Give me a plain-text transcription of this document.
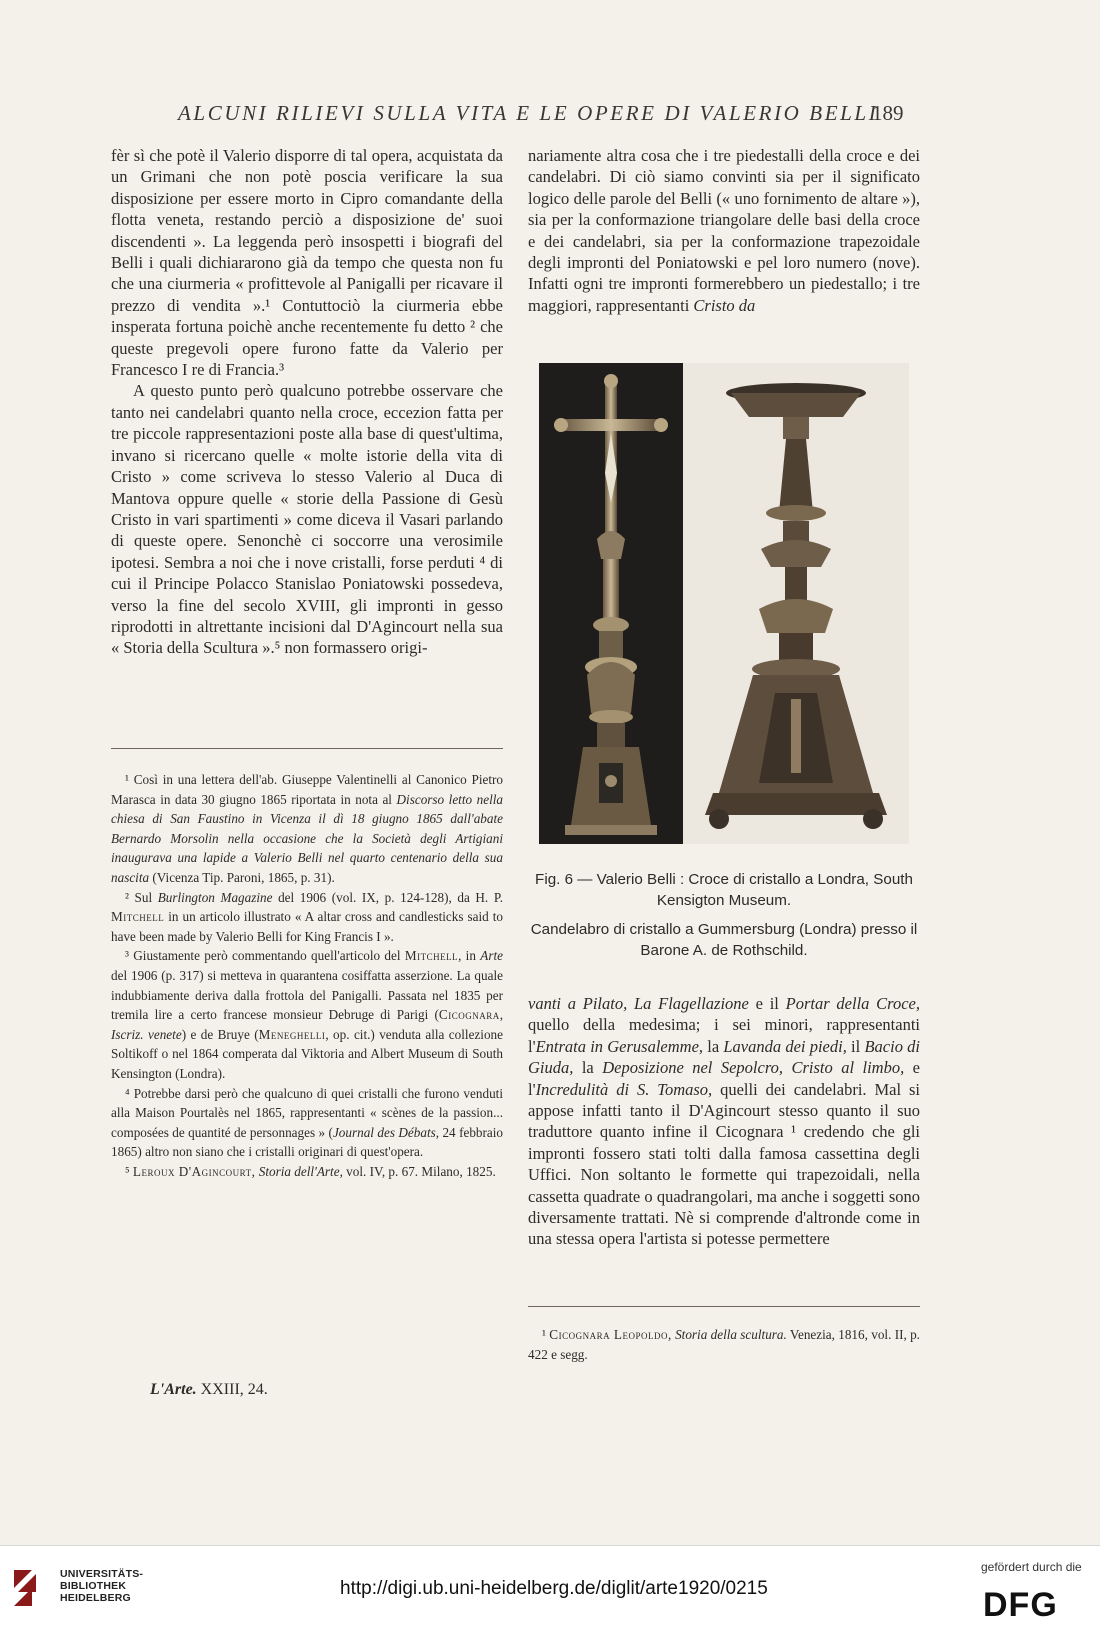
ALCUNI RILIEVI SULLA VITA E LE OPERE DI VALERIO BELLI
189

fèr sì che potè il Valerio disporre di tal opera, acquistata da un Grimani che non potè poscia verificare la sua disposizione per essere morto in Cipro comandante della flotta veneta, restando perciò a disposizione de' suoi discendenti ». La leggenda però insospetti i biografi del Belli i quali dichiararono già da tempo che questa non fu che una ciurmeria « profittevole al Panigalli per ricavare il prezzo di vendita ».¹ Contuttociò la ciurmeria ebbe insperata fortuna poichè anche recentemente fu detto ² che queste pregevoli opere furono fatte da Valerio per Francesco I re di Francia.³

A questo punto però qualcuno potrebbe osservare che tanto nei candelabri quanto nella croce, eccezion fatta per tre piccole rappresentazioni poste alla base di quest'ultima, invano si ricercano quelle « molte istorie della vita di Cristo » come scriveva lo stesso Valerio al Duca di Mantova oppure quelle « storie della Passione di Gesù Cristo in vari spartimenti » come diceva il Vasari parlando di queste opere. Senonchè ci soccorre una verosimile ipotesi. Sembra a noi che i nove cristalli, forse perduti ⁴ di cui il Principe Polacco Stanislao Poniatowski possedeva, verso la fine del secolo XVIII, gli impronti in gesso riprodotti in altrettante incisioni dal D'Agincourt nella sua « Storia della Scultura ».⁵ non formassero origi-

¹ Così in una lettera dell'ab. Giuseppe Valentinelli al Canonico Pietro Marasca in data 30 giugno 1865 riportata in nota al Discorso letto nella chiesa di San Faustino in Vicenza il dì 18 giugno 1865 dall'abate Bernardo Morsolin nella occasione che la Società degli Artigiani inaugurava una lapide a Valerio Belli nel quarto centenario della sua nascita (Vicenza Tip. Paroni, 1865, p. 31).

² Sul Burlington Magazine del 1906 (vol. IX, p. 124-128), da H. P. Mitchell in un articolo illustrato « A altar cross and candlesticks said to have been made by Valerio Belli for King Francis I ».

³ Giustamente però commentando quell'articolo del Mitchell, in Arte del 1906 (p. 317) si metteva in quarantena cosiffatta asserzione. La quale indubbiamente deriva dalla frottola del Panigalli. Passata nel 1835 per tremila lire a certo francese monsieur Debruge di Parigi (Cicognara, Iscriz. venete) e de Bruye (Meneghelli, op. cit.) venduta alla collezione Soltikoff o nel 1864 comperata dal Viktoria and Albert Museum di South Kensington (Londra).

⁴ Potrebbe darsi però che qualcuno di quei cristalli che furono venduti alla Maison Pourtalès nel 1865, rappresentanti « scènes de la passion... composées de quantité de personnages » (Journal des Débats, 24 febbraio 1865) altro non siano che i cristalli originari di quest'opera.

⁵ Leroux D'Agincourt, Storia dell'Arte, vol. IV, p. 67. Milano, 1825.

nariamente altra cosa che i tre piedestalli della croce e dei candelabri. Di ciò siamo convinti sia per il significato logico delle parole del Belli (« uno fornimento de altare »), sia per la conformazione triangolare delle basi della croce e dei candelabri, sia per la conformazione trapezoidale degli impronti del Poniatowski e pel loro numero (nove). Infatti ogni tre impronti formerebbero un piedestallo; i tre maggiori, rappresentanti Cristo da

Fig. 6 — Valerio Belli : Croce di cristallo a Londra, South Kensigton Museum.
Candelabro di cristallo a Gummersburg (Londra) presso il Barone A. de Rothschild.

vanti a Pilato, La Flagellazione e il Portar della Croce, quello della medesima; i sei minori, rappresentanti l'Entrata in Gerusalemme, la Lavanda dei piedi, il Bacio di Giuda, la Deposizione nel Sepolcro, Cristo al limbo, e l'Incredulità di S. Tomaso, quelli dei candelabri. Mal si appose infatti tanto il D'Agincourt stesso quanto il suo traduttore quanto infine il Cicognara ¹ credendo che gli impronti fossero stati tolti dalla famosa cassettina degli Uffici. Non soltanto le formette qui trapezoidali, nella cassetta quadrate o quadrangolari, ma anche i soggetti sono diversamente trattati. Nè si comprende d'altronde come in una stessa opera l'artista si potesse permettere

¹ Cicognara Leopoldo, Storia della scultura. Venezia, 1816, vol. II, p. 422 e segg.

L'Arte. XXIII, 24.
UNIVERSITÄTS-
BIBLIOTHEK
HEIDELBERG	http://digi.ub.uni-heidelberg.de/diglit/arte1920/0215
gefördert durch die
DFG
